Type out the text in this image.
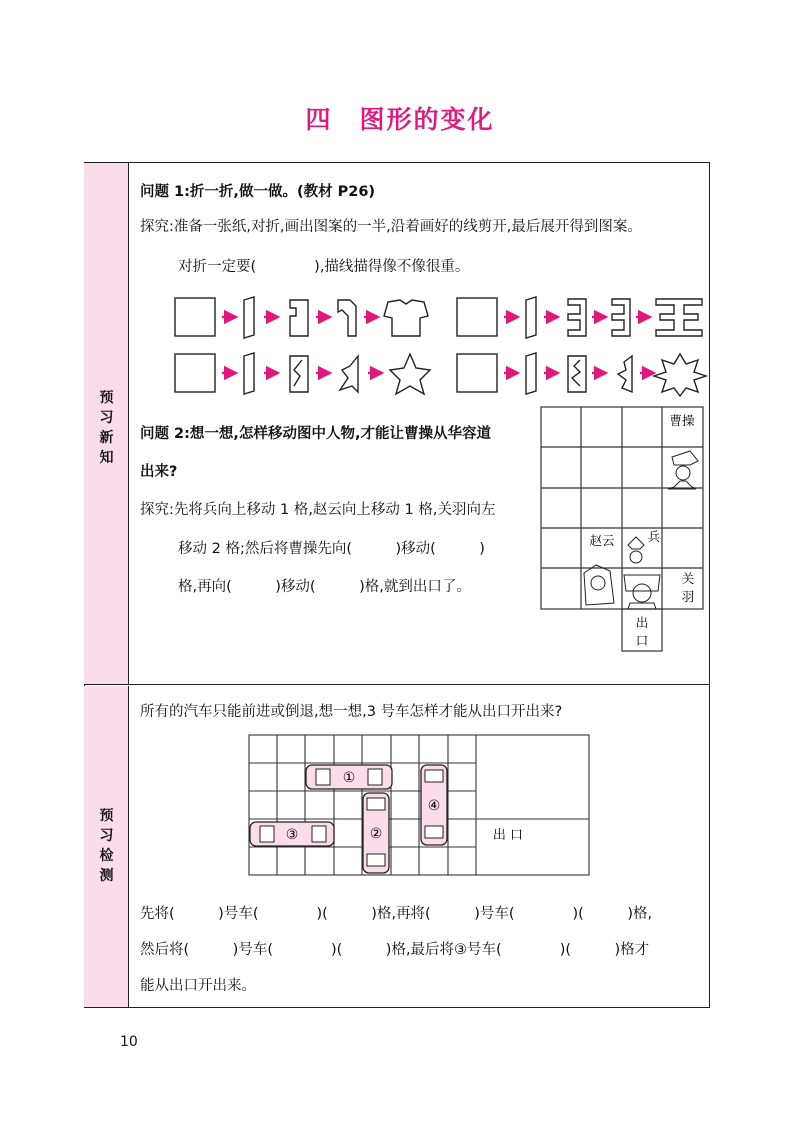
四　图形的变化
预
习
新
知
预
习
检
测
问题 1:折一折,做一做。(教材 P26)
探究:准备一张纸,对折,画出图案的一半,沿着画好的线剪开,最后展开得到图案。
对折一定要(　　　　),描线描得像不像很重。
问题 2:想一想,怎样移动图中人物,才能让曹操从华容道
出来?
探究:先将兵向上移动 1 格,赵云向上移动 1 格,关羽向左
移动 2 格;然后将曹操先向(　　　)移动(　　　)
格,再向(　　　)移动(　　　)格,就到出口了。
曹操
赵云	兵
关
羽
出
口
所有的汽车只能前进或倒退,想一想,3 号车怎样才能从出口开出来?
①
②
③
④
出 口
先将(　　　)号车(　　　　)(　　　)格,再将(　　　)号车(　　　　)(　　　)格,
然后将(　　　)号车(　　　　)(　　　)格,最后将③号车(　　　　)(　　　)格才
能从出口开出来。
10
